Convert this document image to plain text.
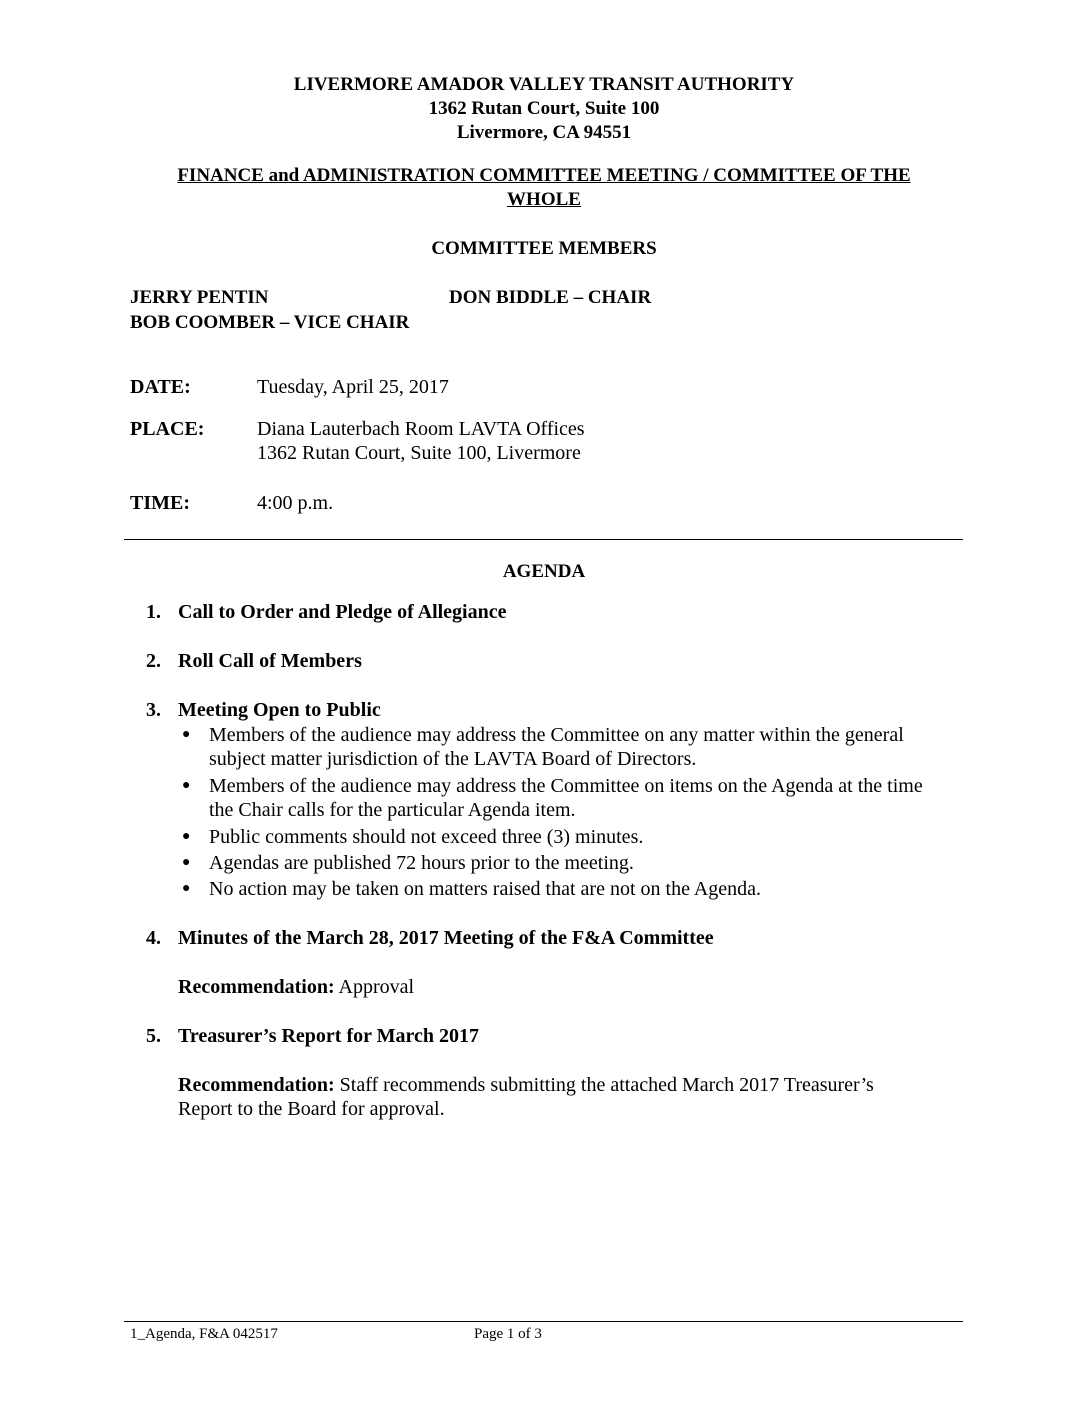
LIVERMORE AMADOR VALLEY TRANSIT AUTHORITY
1362 Rutan Court, Suite 100
Livermore, CA 94551
FINANCE and ADMINISTRATION COMMITTEE MEETING / COMMITTEE OF THE
WHOLE
COMMITTEE MEMBERS
JERRY PENTIN	DON BIDDLE – CHAIR
BOB COOMBER – VICE CHAIR
DATE:	Tuesday, April 25, 2017
PLACE:	Diana Lauterbach Room LAVTA Offices
1362 Rutan Court, Suite 100, Livermore
TIME:	4:00 p.m.
AGENDA
1. Call to Order and Pledge of Allegiance
2. Roll Call of Members
3. Meeting Open to Public
● Members of the audience may address the Committee on any matter within the general
subject matter jurisdiction of the LAVTA Board of Directors.
● Members of the audience may address the Committee on items on the Agenda at the time
the Chair calls for the particular Agenda item.
● Public comments should not exceed three (3) minutes.
● Agendas are published 72 hours prior to the meeting.
● No action may be taken on matters raised that are not on the Agenda.
4. Minutes of the March 28, 2017 Meeting of the F&A Committee
Recommendation: Approval
5. Treasurer’s Report for March 2017
Recommendation: Staff recommends submitting the attached March 2017 Treasurer’s
Report to the Board for approval.
1_Agenda, F&A 042517	Page 1 of 3
